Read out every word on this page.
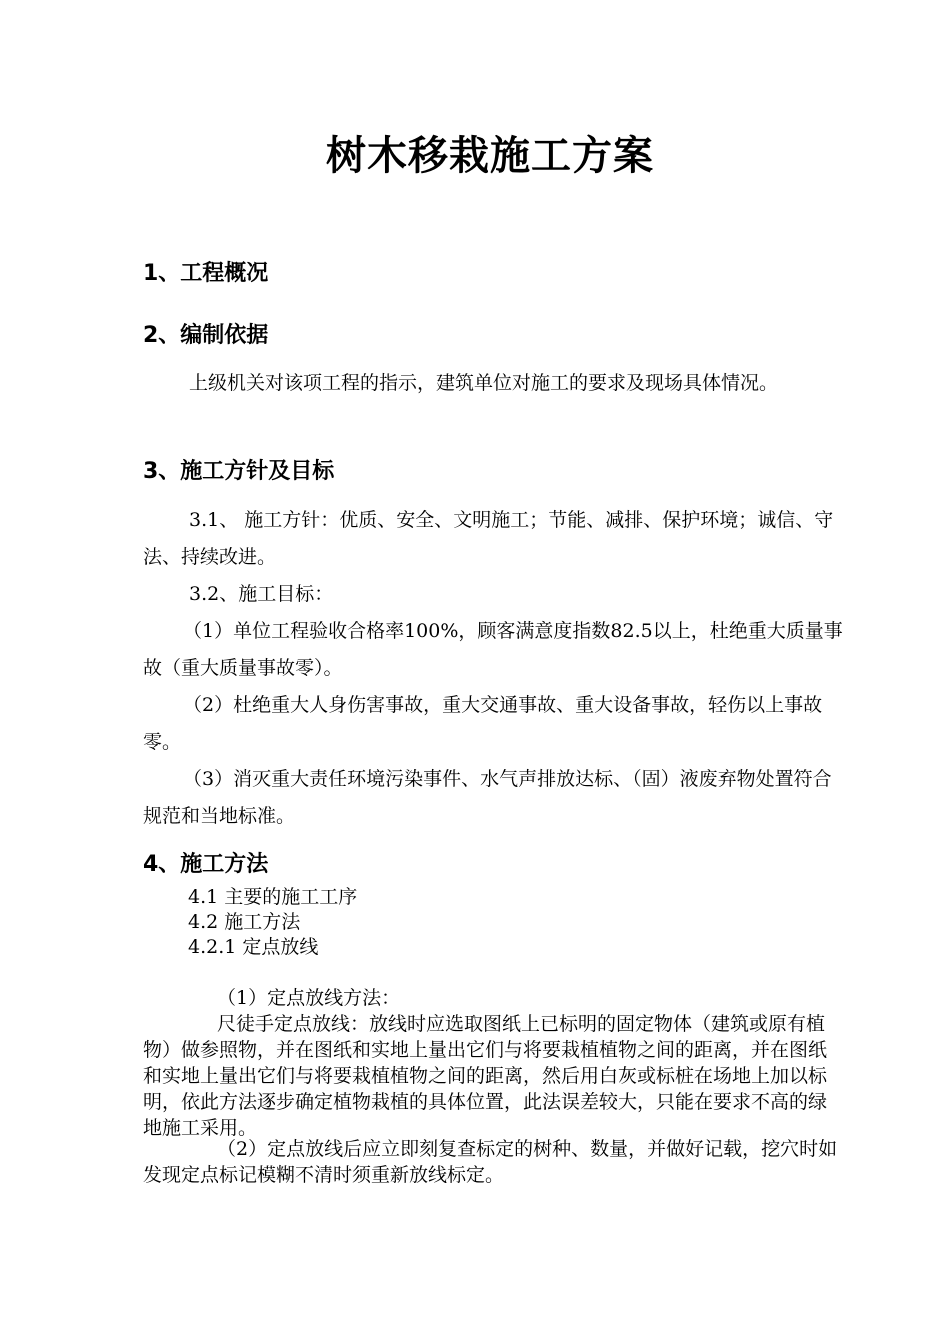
树木移栽施工方案
1、工程概况
2、编制依据
上级机关对该项工程的指示，建筑单位对施工的要求及现场具体情况。
3、施工方针及目标
3.1、 施工方针：优质、安全、文明施工；节能、减排、保护环境；诚信、守法、持续改进。
3.2、施工目标：
（1）单位工程验收合格率100%，顾客满意度指数82.5以上，杜绝重大质量事故（重大质量事故零）。
（2）杜绝重大人身伤害事故，重大交通事故、重大设备事故，轻伤以上事故零。
（3）消灭重大责任环境污染事件、水气声排放达标、（固）液废弃物处置符合规范和当地标准。
4、施工方法
4.1 主要的施工工序
4.2 施工方法
4.2.1 定点放线
（1）定点放线方法：
尺徒手定点放线：放线时应选取图纸上已标明的固定物体（建筑或原有植物）做参照物，并在图纸和实地上量出它们与将要栽植植物之间的距离，并在图纸和实地上量出它们与将要栽植植物之间的距离，然后用白灰或标桩在场地上加以标明，依此方法逐步确定植物栽植的具体位置，此法误差较大，只能在要求不高的绿地施工采用。
（2）定点放线后应立即刻复查标定的树种、数量，并做好记载，挖穴时如发现定点标记模糊不清时须重新放线标定。
